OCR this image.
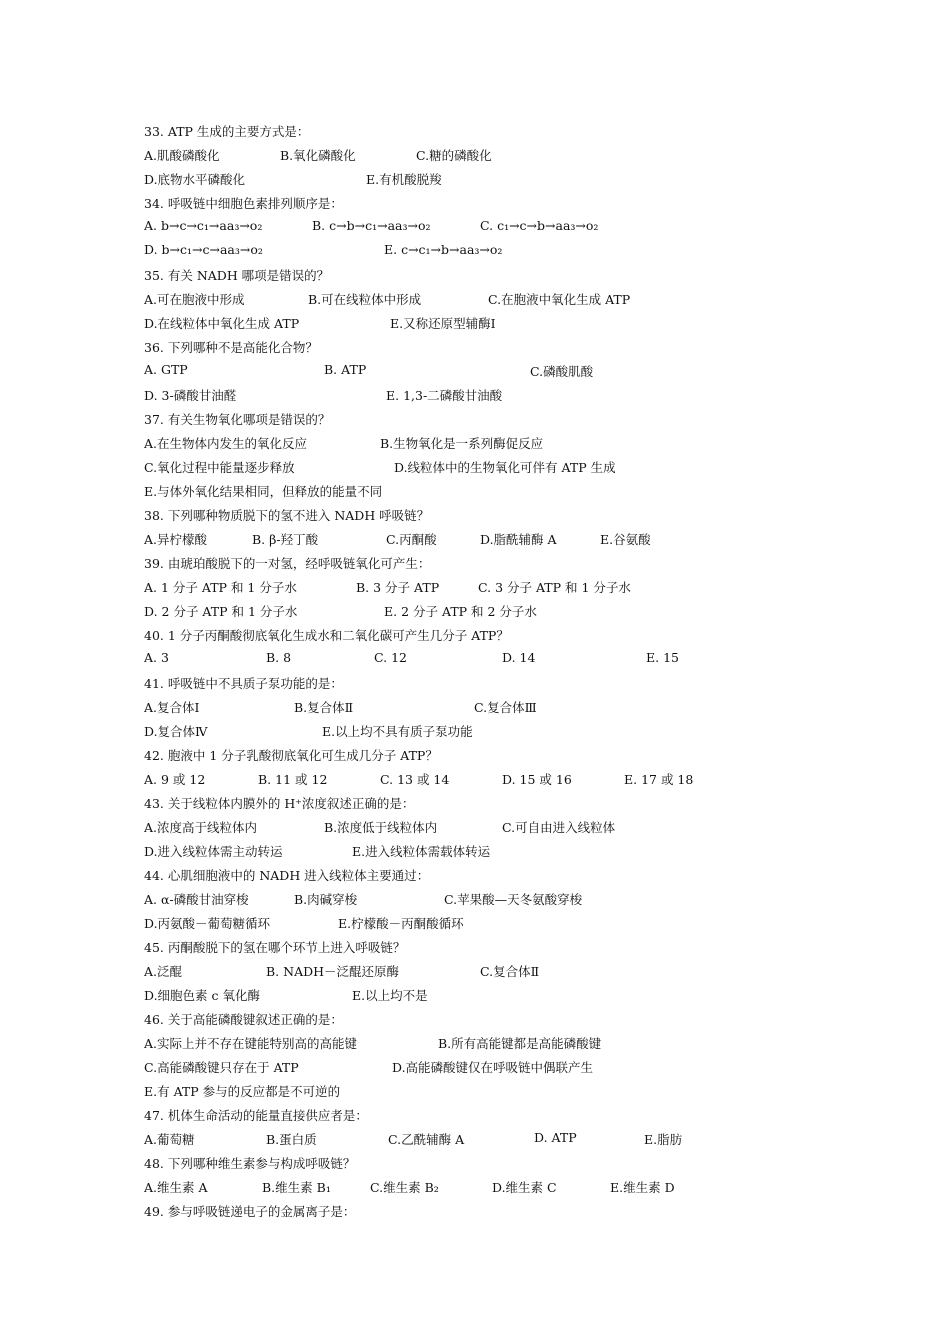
33. ATP 生成的主要方式是：
A.肌酸磷酸化	B.氧化磷酸化	C.糖的磷酸化
D.底物水平磷酸化	E.有机酸脱羧
34. 呼吸链中细胞色素排列顺序是：
A. b→c→c₁→aa₃→o₂	B. c→b→c₁→aa₃→o₂	C. c₁→c→b→aa₃→o₂
D. b→c₁→c→aa₃→o₂	E. c→c₁→b→aa₃→o₂
35. 有关 NADH 哪项是错误的？
A.可在胞液中形成	B.可在线粒体中形成	C.在胞液中氧化生成 ATP
D.在线粒体中氧化生成 ATP	E.又称还原型辅酶Ⅰ
36. 下列哪种不是高能化合物？
A. GTP	B. ATP	C.磷酸肌酸
D. 3-磷酸甘油醛	E. 1,3-二磷酸甘油酸
37. 有关生物氧化哪项是错误的？
A.在生物体内发生的氧化反应	B.生物氧化是一系列酶促反应
C.氧化过程中能量逐步释放	D.线粒体中的生物氧化可伴有 ATP 生成
E.与体外氧化结果相同，但释放的能量不同
38. 下列哪种物质脱下的氢不进入 NADH 呼吸链？
A.异柠檬酸	B. β-羟丁酸	C.丙酮酸	D.脂酰辅酶 A	E.谷氨酸
39. 由琥珀酸脱下的一对氢，经呼吸链氧化可产生：
A. 1 分子 ATP 和 1 分子水	B. 3 分子 ATP	C. 3 分子 ATP 和 1 分子水
D. 2 分子 ATP 和 1 分子水	E. 2 分子 ATP 和 2 分子水
40. 1 分子丙酮酸彻底氧化生成水和二氧化碳可产生几分子 ATP？
A. 3	B. 8	C. 12	D. 14	E. 15
41. 呼吸链中不具质子泵功能的是：
A.复合体Ⅰ	B.复合体Ⅱ	C.复合体Ⅲ
D.复合体Ⅳ	E.以上均不具有质子泵功能
42. 胞液中 1 分子乳酸彻底氧化可生成几分子 ATP？
A. 9 或 12	B. 11 或 12	C. 13 或 14	D. 15 或 16	E. 17 或 18
43. 关于线粒体内膜外的 H⁺浓度叙述正确的是：
A.浓度高于线粒体内	B.浓度低于线粒体内	C.可自由进入线粒体
D.进入线粒体需主动转运	E.进入线粒体需载体转运
44. 心肌细胞液中的 NADH 进入线粒体主要通过：
A. α-磷酸甘油穿梭	B.肉碱穿梭	C.苹果酸—天冬氨酸穿梭
D.丙氨酸－葡萄糖循环	E.柠檬酸－丙酮酸循环
45. 丙酮酸脱下的氢在哪个环节上进入呼吸链？
A.泛醌	B. NADH－泛醌还原酶	C.复合体Ⅱ
D.细胞色素 c 氧化酶	E.以上均不是
46. 关于高能磷酸键叙述正确的是：
A.实际上并不存在键能特别高的高能键	B.所有高能键都是高能磷酸键
C.高能磷酸键只存在于 ATP	D.高能磷酸键仅在呼吸链中偶联产生
E.有 ATP 参与的反应都是不可逆的
47. 机体生命活动的能量直接供应者是：
A.葡萄糖	B.蛋白质	C.乙酰辅酶 A	D. ATP	E.脂肪
48. 下列哪种维生素参与构成呼吸链？
A.维生素 A	B.维生素 B₁	C.维生素 B₂	D.维生素 C	E.维生素 D
49. 参与呼吸链递电子的金属离子是：
